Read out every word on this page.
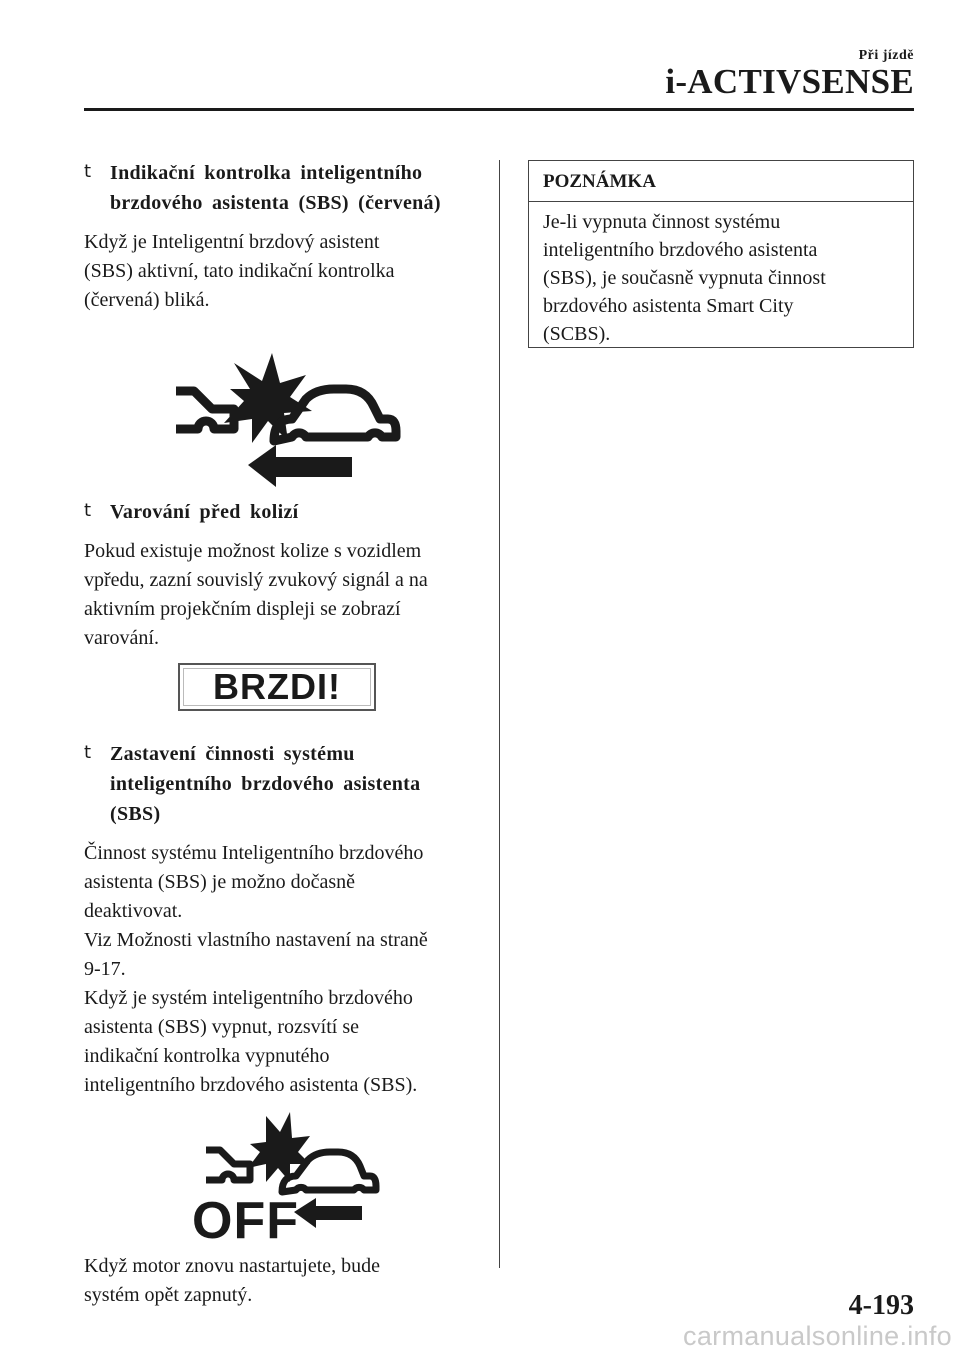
Při jízdě
i-ACTIVSENSE
t Indikační kontrolka inteligentního
brzdového asistenta (SBS) (červená)
Když je Inteligentní brzdový asistent
(SBS) aktivní, tato indikační kontrolka
(červená) bliká.
t Varování před kolizí
Pokud existuje možnost kolize s vozidlem
vpředu, zazní souvislý zvukový signál a na
aktivním projekčním displeji se zobrazí
varování.
BRZDI!
t Zastavení činnosti systému
inteligentního brzdového asistenta
(SBS)
Činnost systému Inteligentního brzdového
asistenta (SBS) je možno dočasně
deaktivovat.
Viz Možnosti vlastního nastavení na straně
9-17.
Když je systém inteligentního brzdového
asistenta (SBS) vypnut, rozsvítí se
indikační kontrolka vypnutého
inteligentního brzdového asistenta (SBS).
OFF
Když motor znovu nastartujete, bude
systém opět zapnutý.
POZNÁMKA
Je-li vypnuta činnost systému
inteligentního brzdového asistenta
(SBS), je současně vypnuta činnost
brzdového asistenta Smart City
(SCBS).
4-193
carmanualsonline.info
